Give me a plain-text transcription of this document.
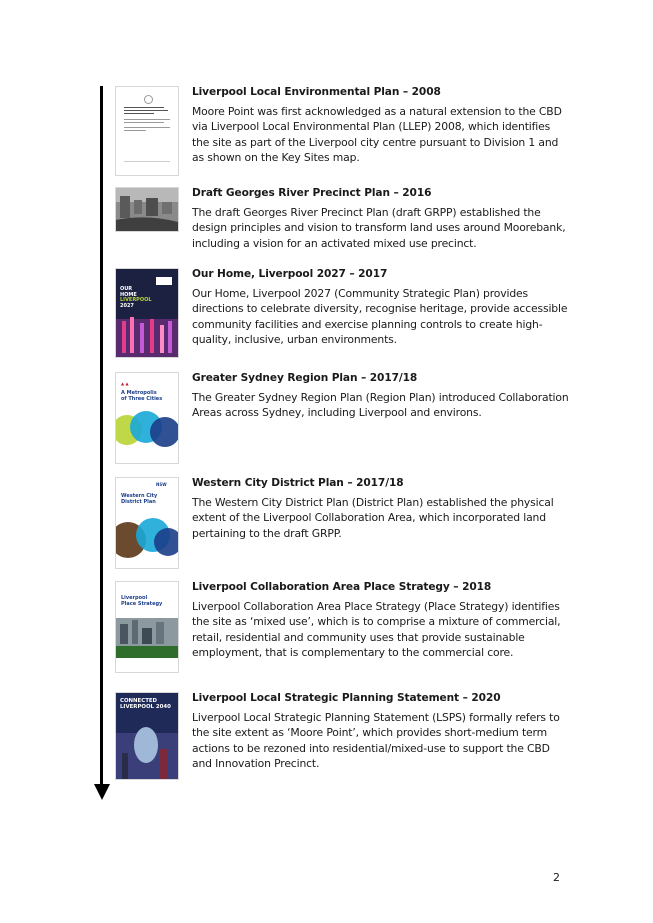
Liverpool Local Environmental Plan – 2008

Moore Point was first acknowledged as a natural extension to the CBD via Liverpool Local Environmental Plan (LLEP) 2008, which identifies the site as part of the Liverpool city centre pursuant to Division 1 and as shown on the Key Sites map.

Draft Georges River Precinct Plan – 2016

The draft Georges River Precinct Plan (draft GRPP) established the design principles and vision to transform land uses around Moorebank, including a vision for an activated mixed use precinct.

OUR
HOME
LIVERPOOL
2027

Our Home, Liverpool 2027 – 2017

Our Home, Liverpool 2027 (Community Strategic Plan) provides directions to celebrate diversity, recognise heritage, provide accessible community facilities and exercise planning controls to create high-quality, inclusive, urban environments.

▲ ▲
A Metropolis
of Three Cities

Greater Sydney Region Plan – 2017/18

The Greater Sydney Region Plan (Region Plan) introduced Collaboration Areas across Sydney, including Liverpool and environs.

NSW
Western City
District Plan

Western City District Plan – 2017/18

The Western City District Plan (District Plan) established the physical extent of the Liverpool Collaboration Area, which incorporated land pertaining to the draft GRPP.

Liverpool
Place Strategy

Liverpool Collaboration Area Place Strategy – 2018

Liverpool Collaboration Area Place Strategy (Place Strategy) identifies the site as ‘mixed use’, which is to comprise a mixture of commercial, retail, residential and community uses that provide sustainable employment, that is complementary to the commercial core.

CONNECTED
LIVERPOOL 2040

Liverpool Local Strategic Planning Statement – 2020

Liverpool Local Strategic Planning Statement (LSPS) formally refers to the site extent as ‘Moore Point’, which provides short-medium term actions to be rezoned into residential/mixed-use to support the CBD and Innovation Precinct.

2
